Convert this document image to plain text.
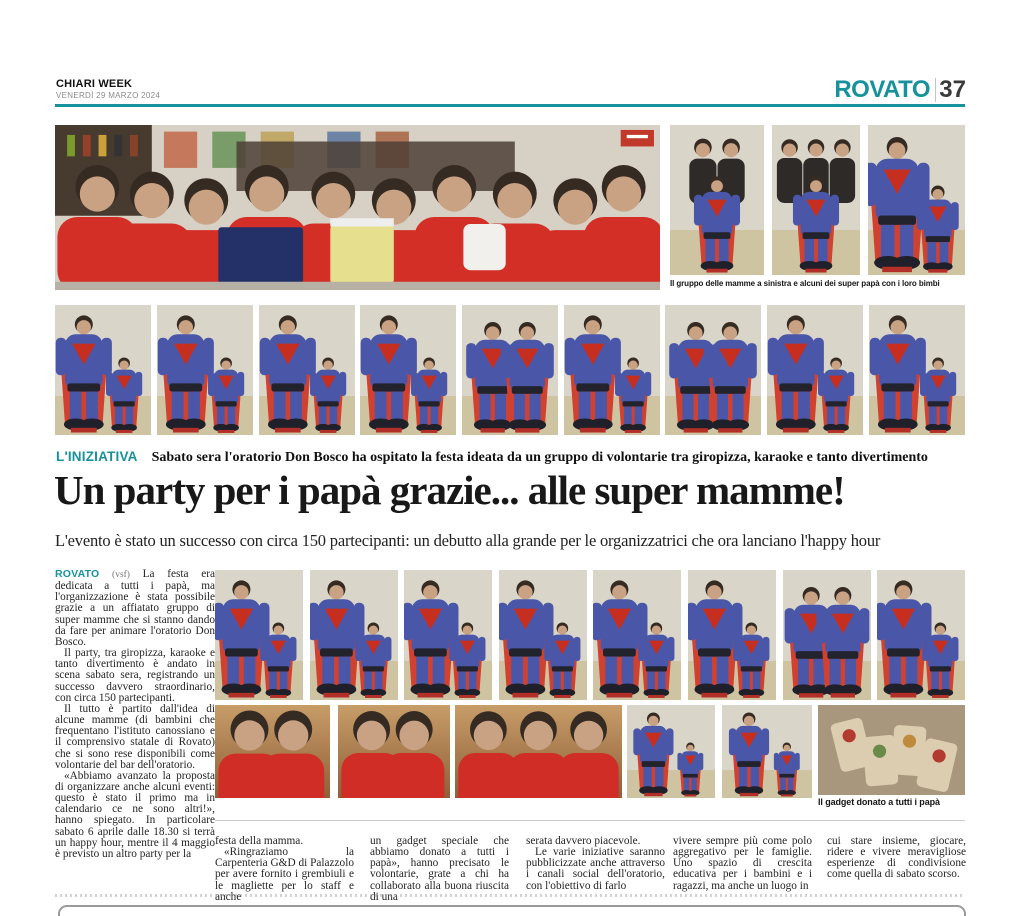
CHIARI WEEK
VENERDÌ 29 MARZO 2024	ROVATO 37
Il gruppo delle mamme a sinistra e alcuni dei super papà con i loro bimbi
Il gadget donato a tutti i papà
L'INIZIATIVA Sabato sera l'oratorio Don Bosco ha ospitato la festa ideata da un gruppo di volontarie tra giropizza, karaoke e tanto divertimento
Un party per i papà grazie... alle super mamme!
L'evento è stato un successo con circa 150 partecipanti: un debutto alla grande per le organizzatrici che ora lanciano l'happy hour

ROVATO (vsf) La festa era dedicata a tutti i papà, ma l'organizzazione è stata possibile grazie a un affiatato gruppo di super mamme che si stanno dando da fare per animare l'oratorio Don Bosco.

Il party, tra giropizza, karaoke e tanto divertimento è andato in scena sabato sera, registrando un successo davvero straordinario, con circa 150 partecipanti.

Il tutto è partito dall'idea di alcune mamme (di bambini che frequentano l'istituto canossiano e il comprensivo statale di Rovato) che si sono rese disponibili come volontarie del bar dell'oratorio.

«Abbiamo avanzato la proposta di organizzare anche alcuni eventi: questo è stato il primo ma in calendario ce ne sono altri!», hanno spiegato. In particolare sabato 6 aprile dalle 18.30 si terrà un happy hour, mentre il 4 maggio è previsto un altro party per la

festa della mamma.

«Ringraziamo la Carpenteria G&D di Palazzolo per avere fornito i grembiuli e le magliette per lo staff e anche

un gadget speciale che abbiamo donato a tutti i papà», hanno precisato le volontarie, grate a chi ha collaborato alla buona riuscita di una

serata davvero piacevole.

Le varie iniziative saranno pubblicizzate anche attraverso i canali social dell'oratorio, con l'obiettivo di farlo

vivere sempre più come polo aggregativo per le famiglie. Uno spazio di crescita educativa per i bambini e i ragazzi, ma anche un luogo in

cui stare insieme, giocare, ridere e vivere meravigliose esperienze di condivisione come quella di sabato scorso.
